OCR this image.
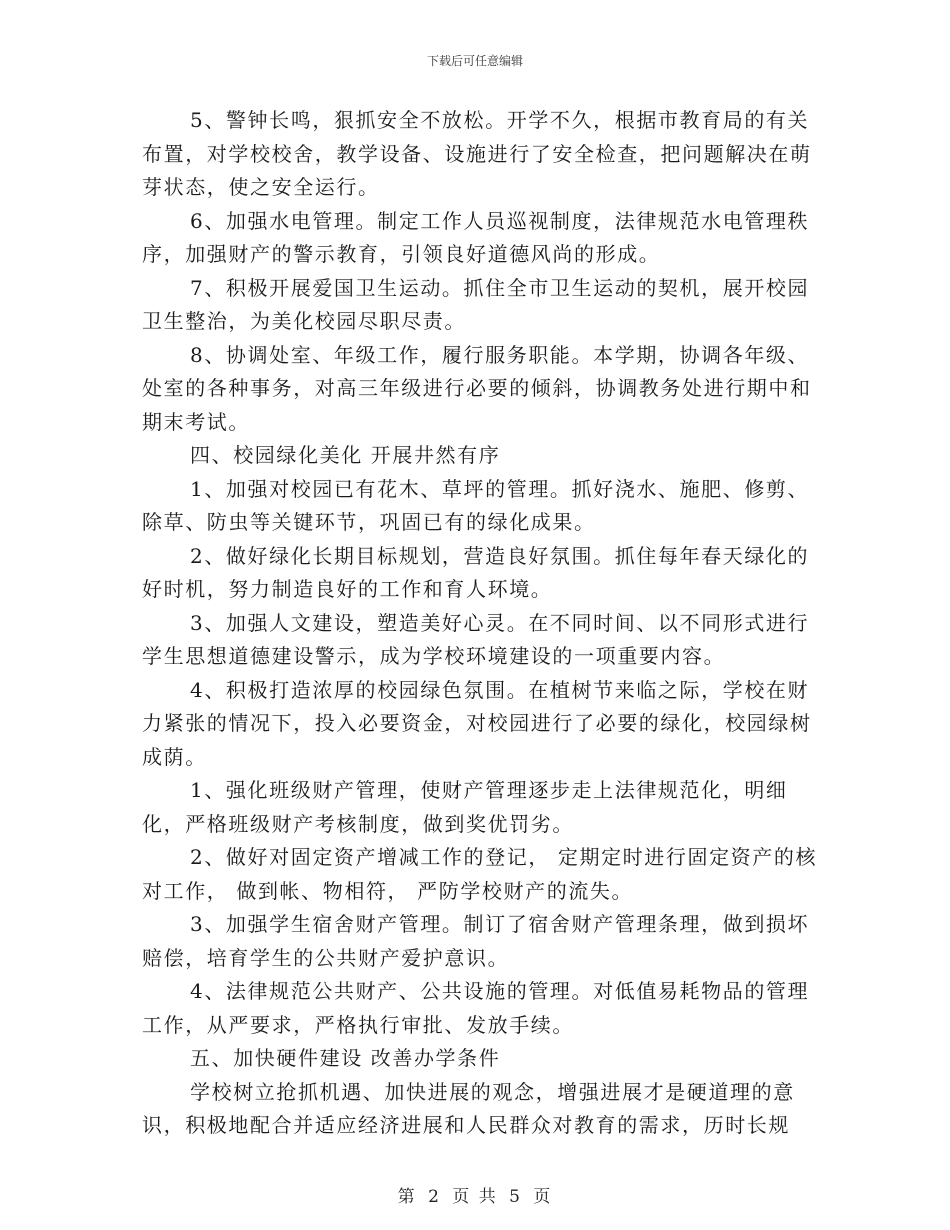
下载后可任意编辑

5、警钟长鸣，狠抓安全不放松。开学不久，根据市教育局的有关布置，对学校校舍，教学设备、设施进行了安全检查，把问题解决在萌芽状态，使之安全运行。

6、加强水电管理。制定工作人员巡视制度，法律规范水电管理秩序，加强财产的警示教育，引领良好道德风尚的形成。

7、积极开展爱国卫生运动。抓住全市卫生运动的契机，展开校园卫生整治，为美化校园尽职尽责。

8、协调处室、年级工作，履行服务职能。本学期，协调各年级、处室的各种事务，对高三年级进行必要的倾斜，协调教务处进行期中和期末考试。

四、校园绿化美化 开展井然有序

1、加强对校园已有花木、草坪的管理。抓好浇水、施肥、修剪、除草、防虫等关键环节，巩固已有的绿化成果。

2、做好绿化长期目标规划，营造良好氛围。抓住每年春天绿化的好时机，努力制造良好的工作和育人环境。

3、加强人文建设，塑造美好心灵。在不同时间、以不同形式进行学生思想道德建设警示，成为学校环境建设的一项重要内容。

4、积极打造浓厚的校园绿色氛围。在植树节来临之际，学校在财力紧张的情况下，投入必要资金，对校园进行了必要的绿化，校园绿树成荫。

1、强化班级财产管理，使财产管理逐步走上法律规范化，明细化，严格班级财产考核制度，做到奖优罚劣。

2、做好对固定资产增减工作的登记， 定期定时进行固定资产的核对工作， 做到帐、物相符， 严防学校财产的流失。

3、加强学生宿舍财产管理。制订了宿舍财产管理条理，做到损坏赔偿，培育学生的公共财产爱护意识。

4、法律规范公共财产、公共设施的管理。对低值易耗物品的管理工作，从严要求，严格执行审批、发放手续。

五、加快硬件建设 改善办学条件

学校树立抢抓机遇、加快进展的观念，增强进展才是硬道理的意识，积极地配合并适应经济进展和人民群众对教育的需求，历时长规

第 2 页 共 5 页
